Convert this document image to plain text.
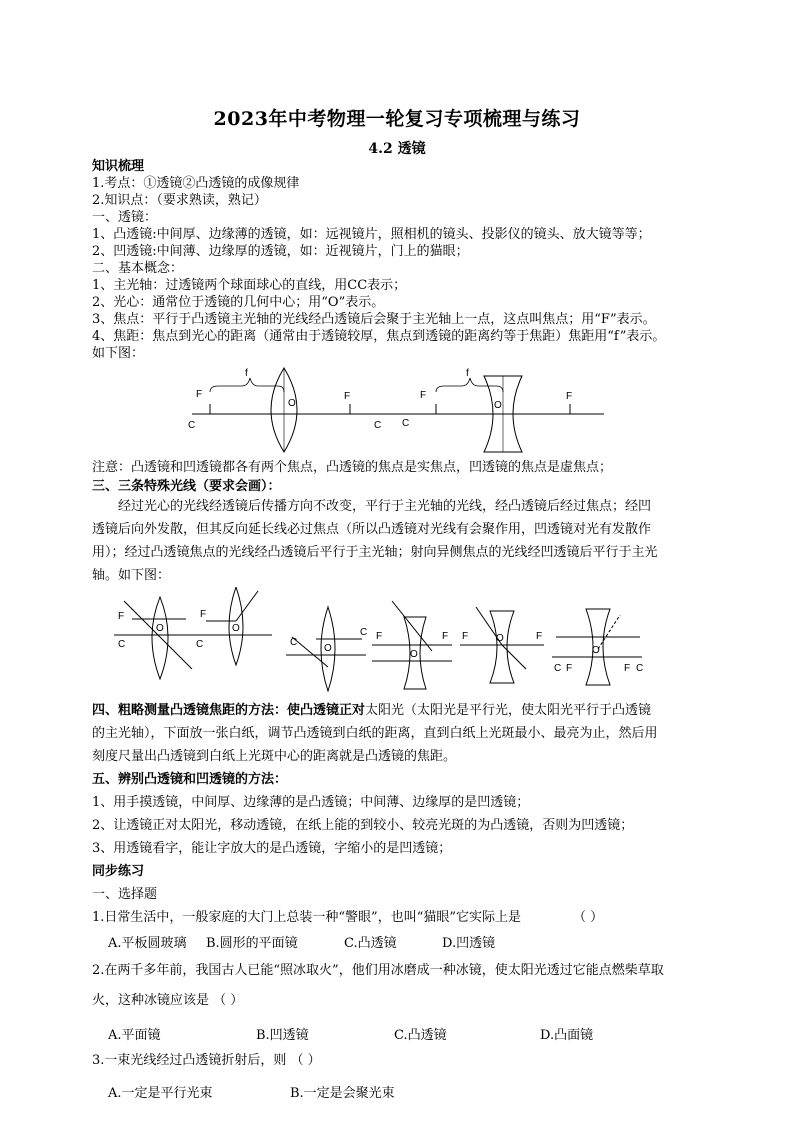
2023年中考物理一轮复习专项梳理与练习
4.2 透镜
知识梳理
1.考点：①透镜②凸透镜的成像规律
2.知识点：（要求熟读，熟记）
一、透镜：
1、凸透镜:中间厚、边缘薄的透镜，如：远视镜片，照相机的镜头、投影仪的镜头、放大镜等等；
2、凹透镜:中间薄、边缘厚的透镜，如：近视镜片，门上的猫眼；
二、基本概念：
1、主光轴：过透镜两个球面球心的直线，用CC表示；
2、光心：通常位于透镜的几何中心；用“O”表示。
3、焦点：平行于凸透镜主光轴的光线经凸透镜后会聚于主光轴上一点，这点叫焦点；用“F”表示。
4、焦距：焦点到光心的距离（通常由于透镜较厚，焦点到透镜的距离约等于焦距）焦距用“f”表示。
如下图：
F	F
C	C
O
f
F	F
C
O
f
注意：凸透镜和凹透镜都各有两个焦点，凸透镜的焦点是实焦点，凹透镜的焦点是虚焦点；
三、三条特殊光线（要求会画）：
经过光心的光线经透镜后传播方向不改变，平行于主光轴的光线，经凸透镜后经过焦点；经凹
透镜后向外发散，但其反向延长线必过焦点（所以凸透镜对光线有会聚作用，凹透镜对光有发散作
用）；经过凸透镜焦点的光线经凸透镜后平行于主光轴；射向异侧焦点的光线经凹透镜后平行于主光
轴。如下图：
F
C
O
F
C
O
C
O
C F	F
O
F	F
O
C F	F C
O
四、粗略测量凸透镜焦距的方法：使凸透镜正对太阳光（太阳光是平行光，使太阳光平行于凸透镜
的主光轴），下面放一张白纸，调节凸透镜到白纸的距离，直到白纸上光斑最小、最亮为止，然后用
刻度尺量出凸透镜到白纸上光斑中心的距离就是凸透镜的焦距。
五、辨别凸透镜和凹透镜的方法：
1、用手摸透镜，中间厚、边缘薄的是凸透镜；中间薄、边缘厚的是凹透镜；
2、让透镜正对太阳光，移动透镜，在纸上能的到较小、较亮光斑的为凸透镜，否则为凹透镜；
3、用透镜看字，能让字放大的是凸透镜，字缩小的是凹透镜；
同步练习
一、选择题
1.日常生活中，一般家庭的大门上总装一种“警眼”，也叫“猫眼”它实际上是	（ ）
A.平板圆玻璃 B.圆形的平面镜	C.凸透镜	D.凹透镜
2.在两千多年前，我国古人已能“照冰取火”，他们用冰磨成一种冰镜，使太阳光透过它能点燃柴草取
火，这种冰镜应该是 （ ）
A.平面镜	B.凹透镜	C.凸透镜	D.凸面镜
3.一束光线经过凸透镜折射后，则 （ ）
A.一定是平行光束	B.一定是会聚光束
